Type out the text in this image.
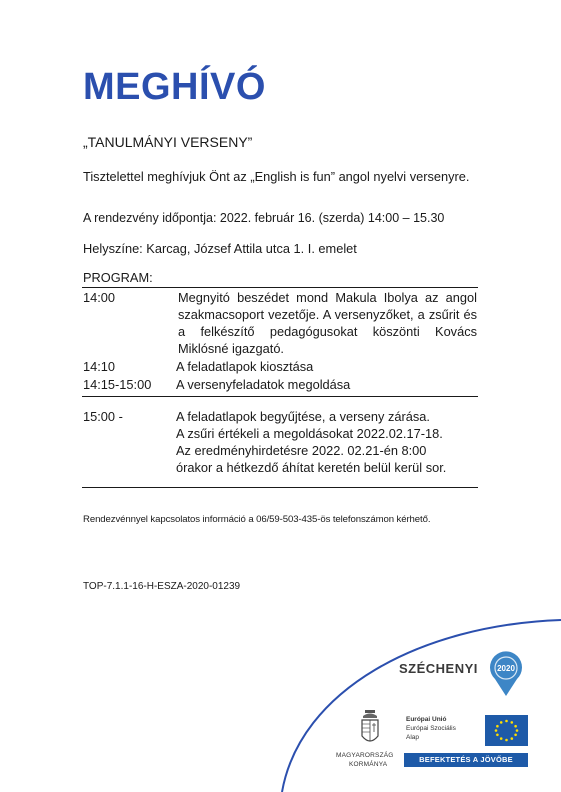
MEGHÍVÓ
„TANULMÁNYI VERSENY”
Tisztelettel meghívjuk Önt az „English is fun” angol nyelvi versenyre.
A rendezvény időpontja: 2022. február 16. (szerda) 14:00 – 15.30
Helyszíne: Karcag, József Attila utca 1. I. emelet
PROGRAM:
14:00	Megnyitó beszédet mond Makula Ibolya az angol szakmacsoport vezetője. A versenyzőket, a zsűrit és a felkészítő pedagógusokat köszönti Kovács Miklósné igazgató.
14:10	A feladatlapok kiosztása
14:15-15:00 A versenyfeladatok megoldása
15:00 -	A feladatlapok begyűjtése, a verseny zárása.
A zsűri értékeli a megoldásokat 2022.02.17-18.
Az eredményhirdetésre 2022. 02.21-én 8:00
órakor a hétkezdő áhítat keretén belül kerül sor.
Rendezvénnyel kapcsolatos információ a 06/59-503-435-ös telefonszámon kérhető.
TOP-7.1.1-16-H-ESZA-2020-01239
SZÉCHENYI 2020
MAGYARORSZÁG
KORMÁNYA
Európai Unió
Európai Szociális
Alap
BEFEKTETÉS A JÖVŐBE
